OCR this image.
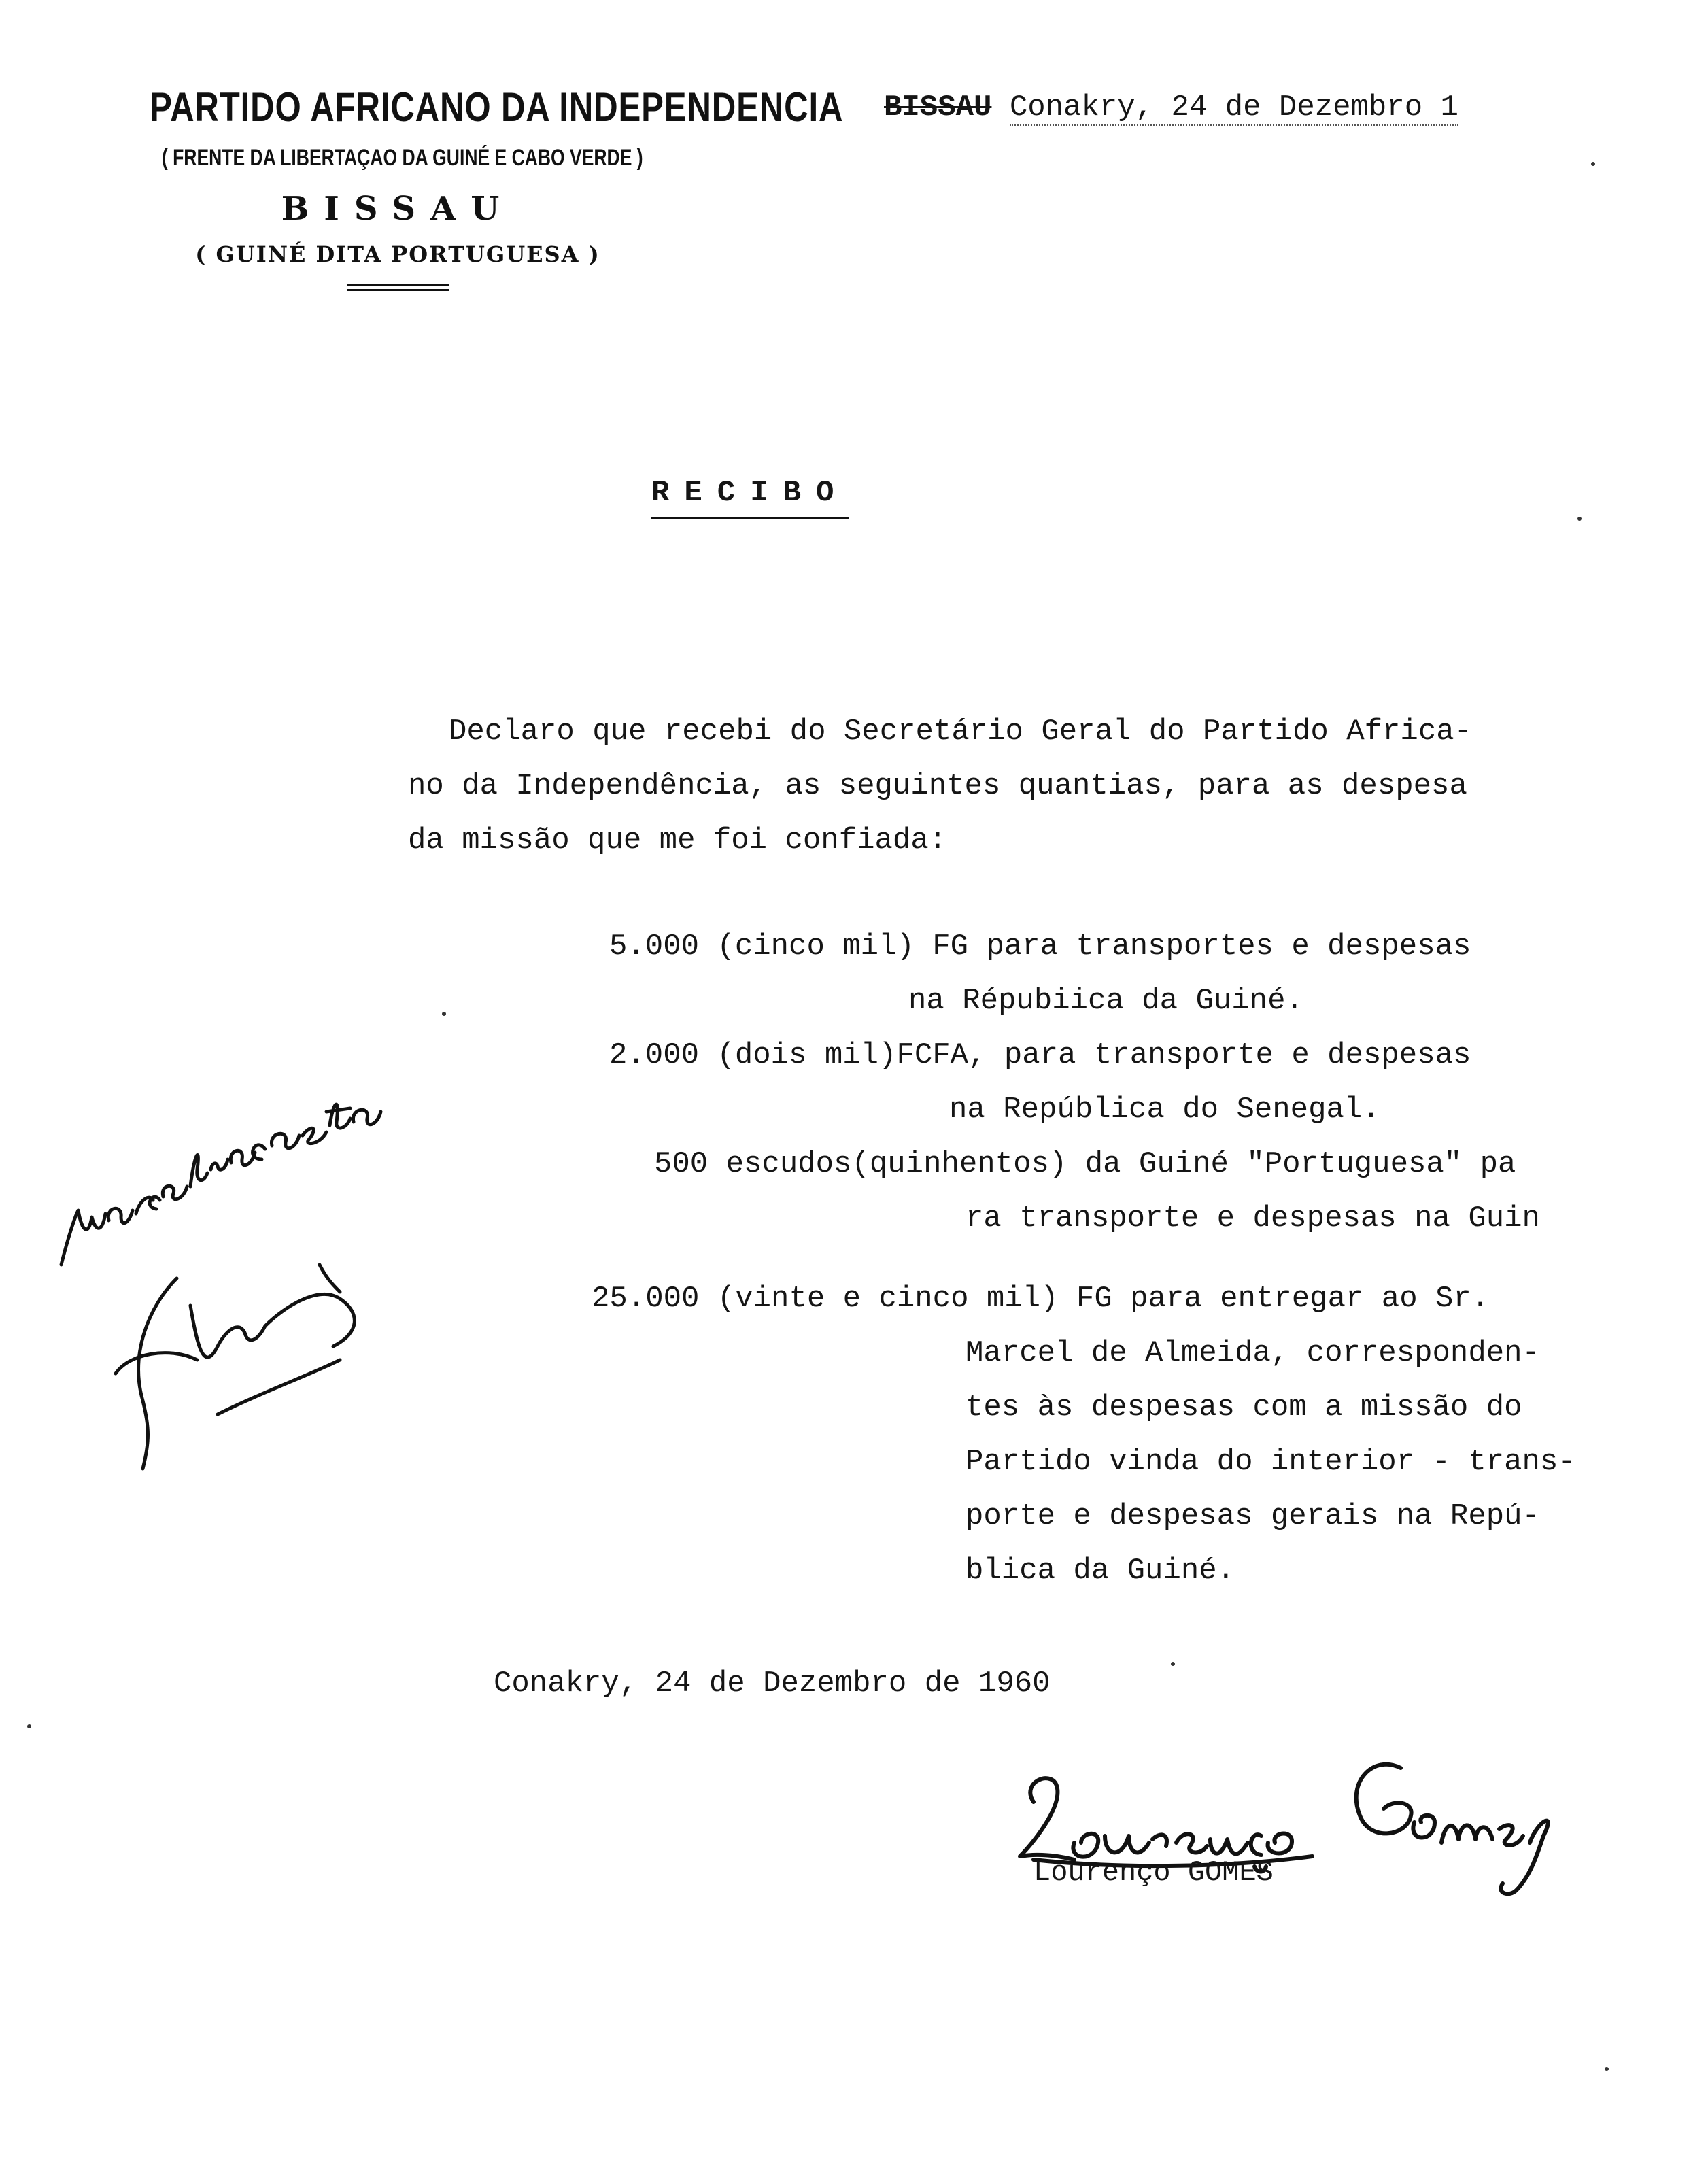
PARTIDO AFRICANO DA INDEPENDENCIA
( FRENTE DA LIBERTAÇAO DA GUINÉ E CABO VERDE )
BISSAU
( GUINÉ DITA PORTUGUESA )
BISSAU Conakry, 24 de Dezembro 1
RECIBO
Declaro que recebi do Secretário Geral do Partido Africa-
no da Independência, as seguintes quantias, para as despesa
da missão que me foi confiada:
5.000 (cinco mil) FG para transportes e despesas
na Répubiica da Guiné.
2.000 (dois mil)FCFA, para transporte e despesas
na República do Senegal.
500 escudos(quinhentos) da Guiné "Portuguesa" pa
ra transporte e despesas na Guin
25.000 (vinte e cinco mil) FG para entregar ao Sr.
Marcel de Almeida, corresponden-
tes às despesas com a missão do
Partido vinda do interior - trans-
porte e despesas gerais na Repú-
blica da Guiné.
Conakry, 24 de Dezembro de 1960
Lourenço GOMES
